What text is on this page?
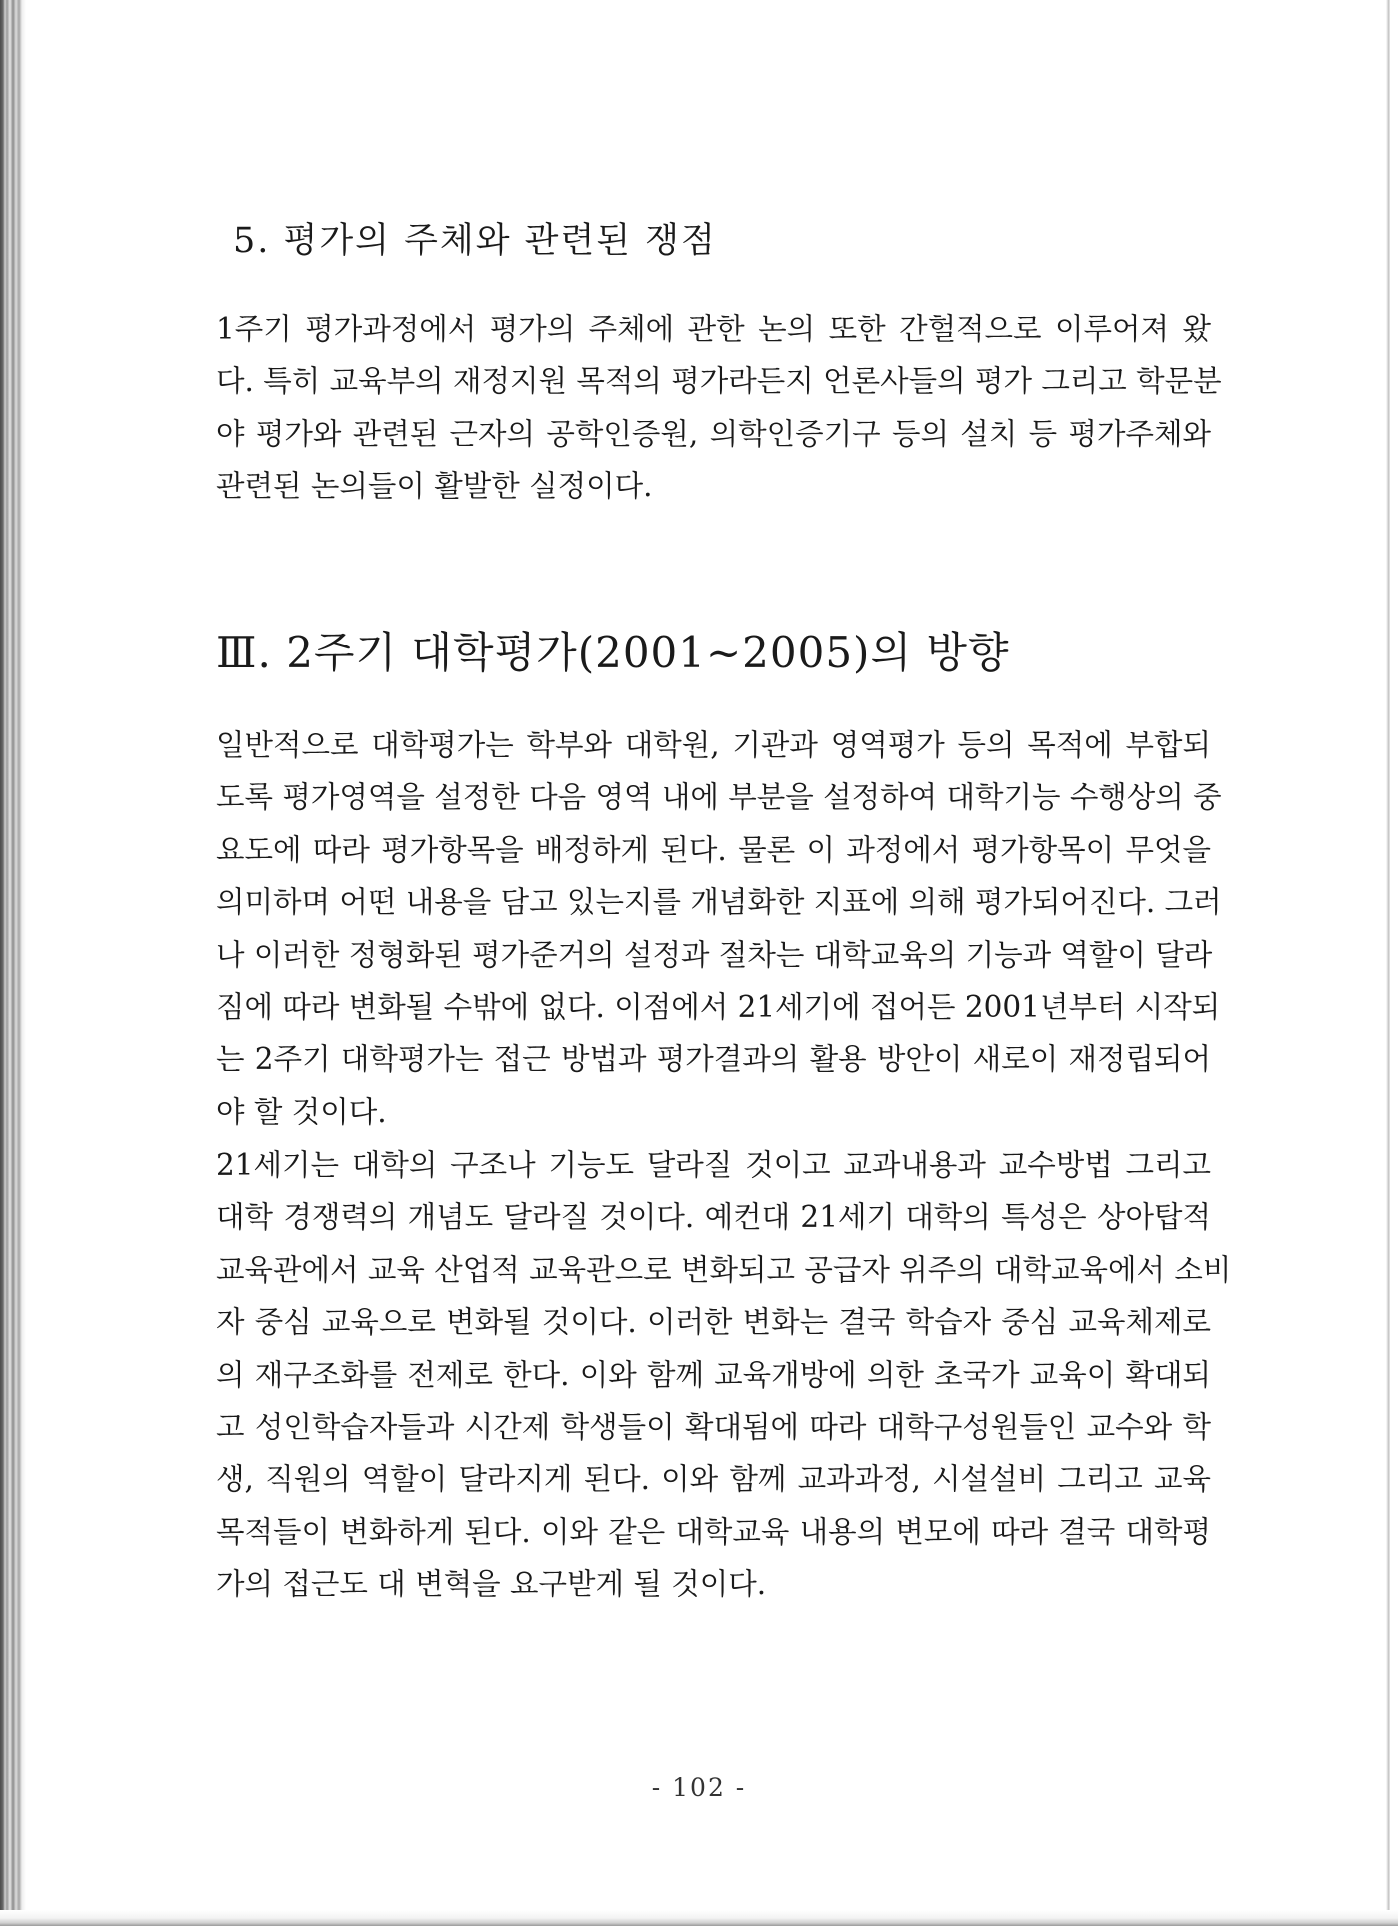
5. 평가의 주체와 관련된 쟁점
1주기 평가과정에서 평가의 주체에 관한 논의 또한 간헐적으로 이루어져 왔
다. 특히 교육부의 재정지원 목적의 평가라든지 언론사들의 평가 그리고 학문분
야 평가와 관련된 근자의 공학인증원, 의학인증기구 등의 설치 등 평가주체와
관련된 논의들이 활발한 실정이다.
Ⅲ. 2주기 대학평가(2001∼2005)의 방향
일반적으로 대학평가는 학부와 대학원, 기관과 영역평가 등의 목적에 부합되
도록 평가영역을 설정한 다음 영역 내에 부분을 설정하여 대학기능 수행상의 중
요도에 따라 평가항목을 배정하게 된다. 물론 이 과정에서 평가항목이 무엇을
의미하며 어떤 내용을 담고 있는지를 개념화한 지표에 의해 평가되어진다. 그러
나 이러한 정형화된 평가준거의 설정과 절차는 대학교육의 기능과 역할이 달라
짐에 따라 변화될 수밖에 없다. 이점에서 21세기에 접어든 2001년부터 시작되
는 2주기 대학평가는 접근 방법과 평가결과의 활용 방안이 새로이 재정립되어
야 할 것이다.
21세기는 대학의 구조나 기능도 달라질 것이고 교과내용과 교수방법 그리고
대학 경쟁력의 개념도 달라질 것이다. 예컨대 21세기 대학의 특성은 상아탑적
교육관에서 교육 산업적 교육관으로 변화되고 공급자 위주의 대학교육에서 소비
자 중심 교육으로 변화될 것이다. 이러한 변화는 결국 학습자 중심 교육체제로
의 재구조화를 전제로 한다. 이와 함께 교육개방에 의한 초국가 교육이 확대되
고 성인학습자들과 시간제 학생들이 확대됨에 따라 대학구성원들인 교수와 학
생, 직원의 역할이 달라지게 된다. 이와 함께 교과과정, 시설설비 그리고 교육
목적들이 변화하게 된다. 이와 같은 대학교육 내용의 변모에 따라 결국 대학평
가의 접근도 대 변혁을 요구받게 될 것이다.
- 102 -
